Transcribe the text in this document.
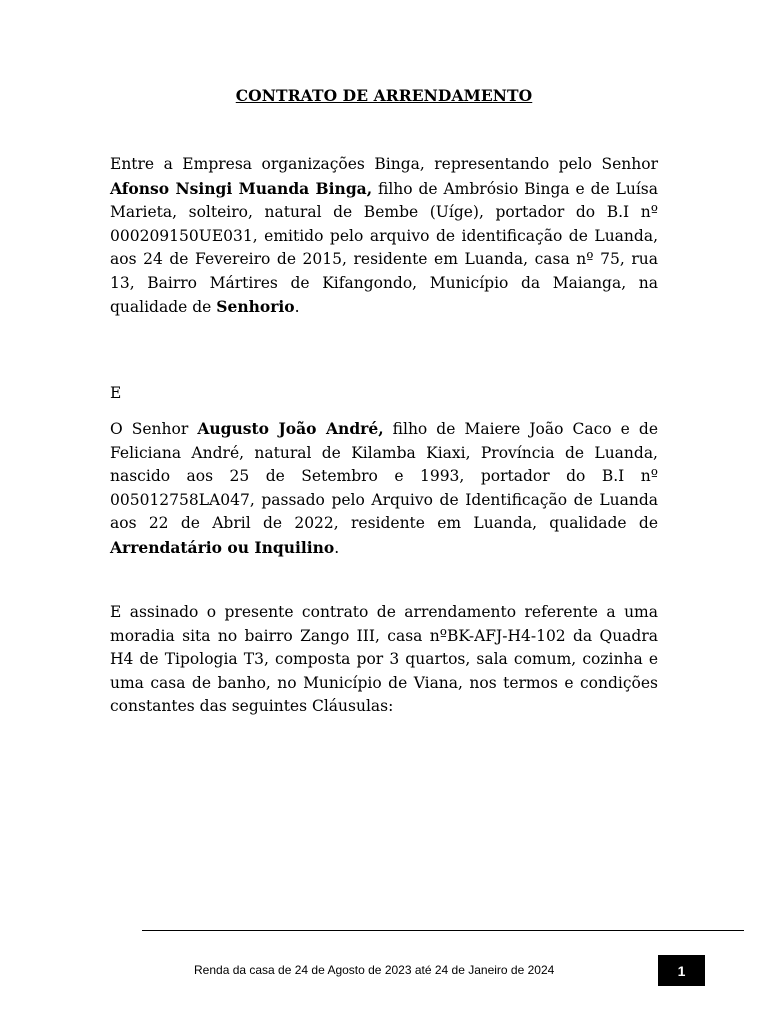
CONTRATO DE ARRENDAMENTO

Entre a Empresa organizações Binga, representando pelo Senhor Afonso Nsingi Muanda Binga, filho de Ambrósio Binga e de Luísa Marieta, solteiro, natural de Bembe (Uíge), portador do B.I nº 000209150UE031, emitido pelo arquivo de identificação de Luanda, aos 24 de Fevereiro de 2015, residente em Luanda, casa nº 75, rua 13, Bairro Mártires de Kifangondo, Município da Maianga, na qualidade de Senhorio.

E

O Senhor Augusto João André, filho de Maiere João Caco e de Feliciana André, natural de Kilamba Kiaxi, Província de Luanda, nascido aos 25 de Setembro e 1993, portador do B.I nº 005012758LA047, passado pelo Arquivo de Identificação de Luanda aos 22 de Abril de 2022, residente em Luanda, qualidade de Arrendatário ou Inquilino.

E assinado o presente contrato de arrendamento referente a uma moradia sita no bairro Zango III, casa nºBK-AFJ-H4-102 da Quadra H4 de Tipologia T3, composta por 3 quartos, sala comum, cozinha e uma casa de banho, no Município de Viana, nos termos e condições constantes das seguintes Cláusulas:

Renda da casa de 24 de Agosto de 2023 até 24 de Janeiro de 2024	1
